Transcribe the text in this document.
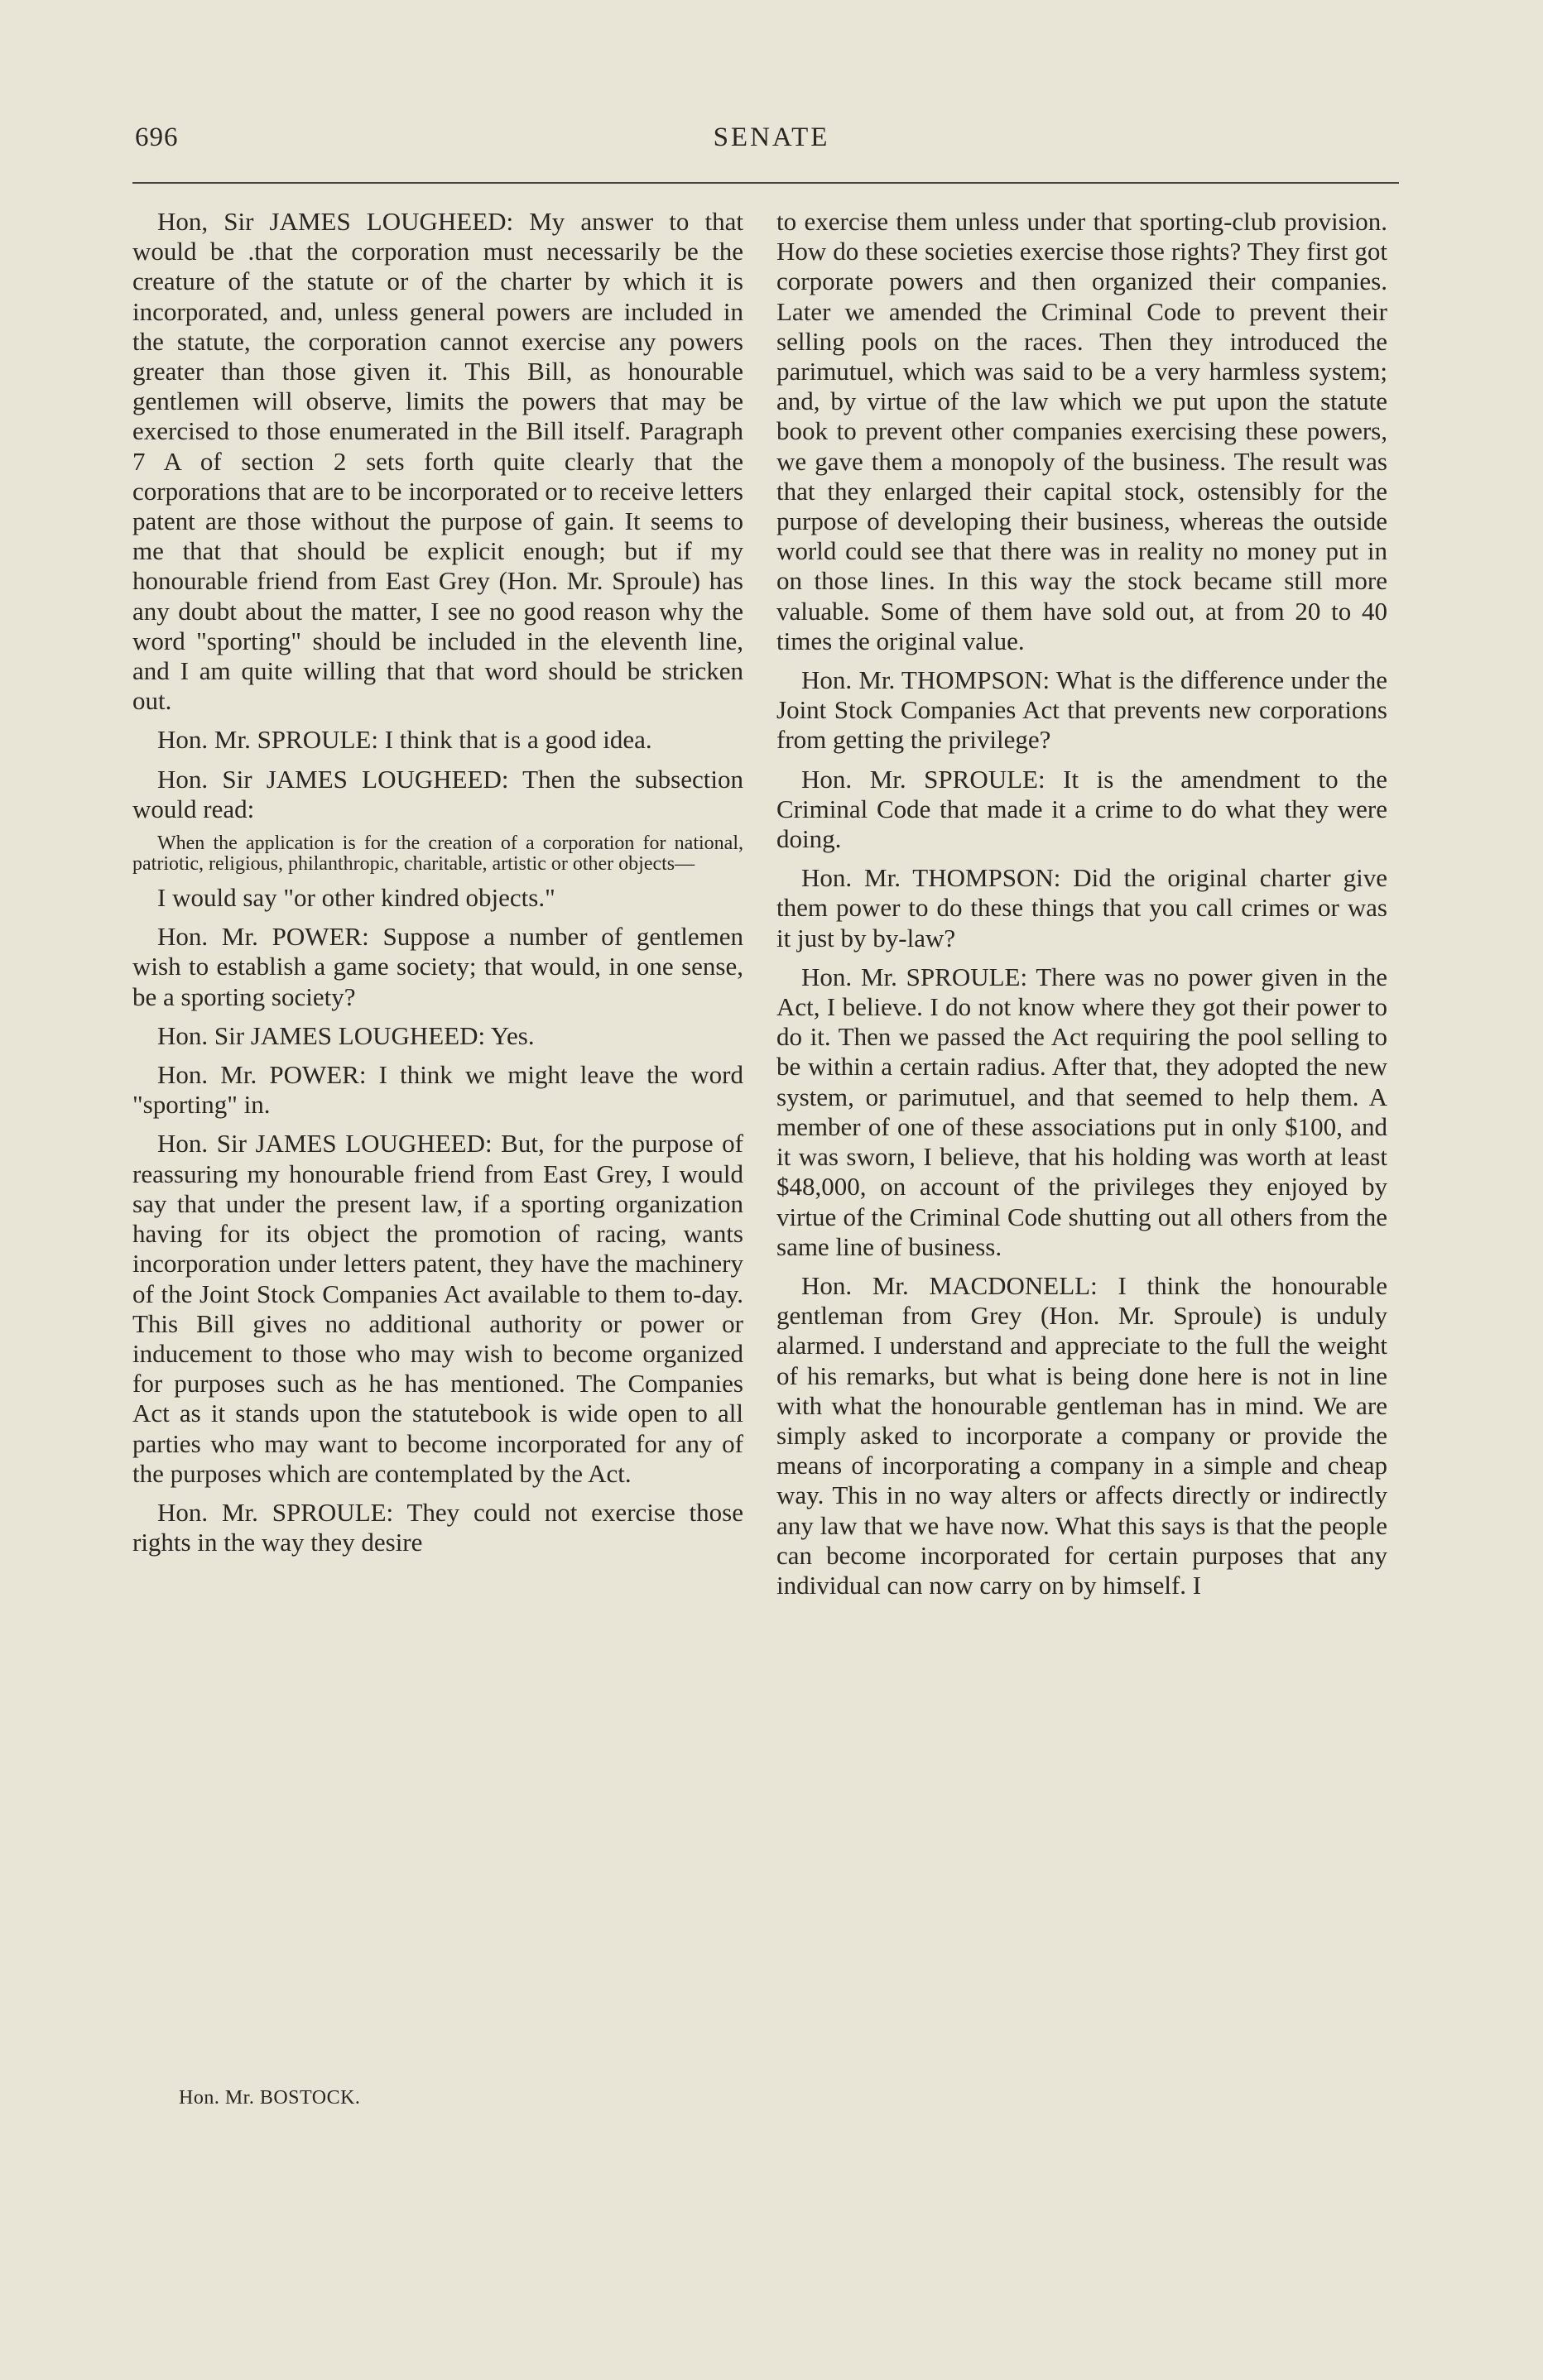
696	SENATE

Hon, Sir JAMES LOUGHEED: My answer to that would be .that the corporation must necessarily be the creature of the statute or of the charter by which it is incorporated, and, unless general powers are included in the statute, the corporation cannot exercise any powers greater than those given it. This Bill, as honourable gentlemen will observe, limits the powers that may be exercised to those enumerated in the Bill itself. Paragraph 7 A of section 2 sets forth quite clearly that the corporations that are to be incorporated or to receive letters patent are those without the purpose of gain. It seems to me that that should be explicit enough; but if my honourable friend from East Grey (Hon. Mr. Sproule) has any doubt about the matter, I see no good reason why the word "sporting" should be included in the eleventh line, and I am quite willing that that word should be stricken out.

Hon. Mr. SPROULE: I think that is a good idea.

Hon. Sir JAMES LOUGHEED: Then the subsection would read:

When the application is for the creation of a corporation for national, patriotic, religious, philanthropic, charitable, artistic or other objects—

I would say "or other kindred objects."

Hon. Mr. POWER: Suppose a number of gentlemen wish to establish a game society; that would, in one sense, be a sporting society?

Hon. Sir JAMES LOUGHEED: Yes.

Hon. Mr. POWER: I think we might leave the word "sporting" in.

Hon. Sir JAMES LOUGHEED: But, for the purpose of reassuring my honourable friend from East Grey, I would say that under the present law, if a sporting organization having for its object the promotion of racing, wants incorporation under letters patent, they have the machinery of the Joint Stock Companies Act available to them to-day. This Bill gives no additional authority or power or inducement to those who may wish to become organized for purposes such as he has mentioned. The Companies Act as it stands upon the statutebook is wide open to all parties who may want to become incorporated for any of the purposes which are contemplated by the Act.

Hon. Mr. SPROULE: They could not exercise those rights in the way they desire

to exercise them unless under that sporting-club provision. How do these societies exercise those rights? They first got corporate powers and then organized their companies. Later we amended the Criminal Code to prevent their selling pools on the races. Then they introduced the parimutuel, which was said to be a very harmless system; and, by virtue of the law which we put upon the statute book to prevent other companies exercising these powers, we gave them a monopoly of the business. The result was that they enlarged their capital stock, ostensibly for the purpose of developing their business, whereas the outside world could see that there was in reality no money put in on those lines. In this way the stock became still more valuable. Some of them have sold out, at from 20 to 40 times the original value.

Hon. Mr. THOMPSON: What is the difference under the Joint Stock Companies Act that prevents new corporations from getting the privilege?

Hon. Mr. SPROULE: It is the amendment to the Criminal Code that made it a crime to do what they were doing.

Hon. Mr. THOMPSON: Did the original charter give them power to do these things that you call crimes or was it just by by-law?

Hon. Mr. SPROULE: There was no power given in the Act, I believe. I do not know where they got their power to do it. Then we passed the Act requiring the pool selling to be within a certain radius. After that, they adopted the new system, or parimutuel, and that seemed to help them. A member of one of these associations put in only $100, and it was sworn, I believe, that his holding was worth at least $48,000, on account of the privileges they enjoyed by virtue of the Criminal Code shutting out all others from the same line of business.

Hon. Mr. MACDONELL: I think the honourable gentleman from Grey (Hon. Mr. Sproule) is unduly alarmed. I understand and appreciate to the full the weight of his remarks, but what is being done here is not in line with what the honourable gentleman has in mind. We are simply asked to incorporate a company or provide the means of incorporating a company in a simple and cheap way. This in no way alters or affects directly or indirectly any law that we have now. What this says is that the people can become incorporated for certain purposes that any individual can now carry on by himself. I

Hon. Mr. BOSTOCK.
